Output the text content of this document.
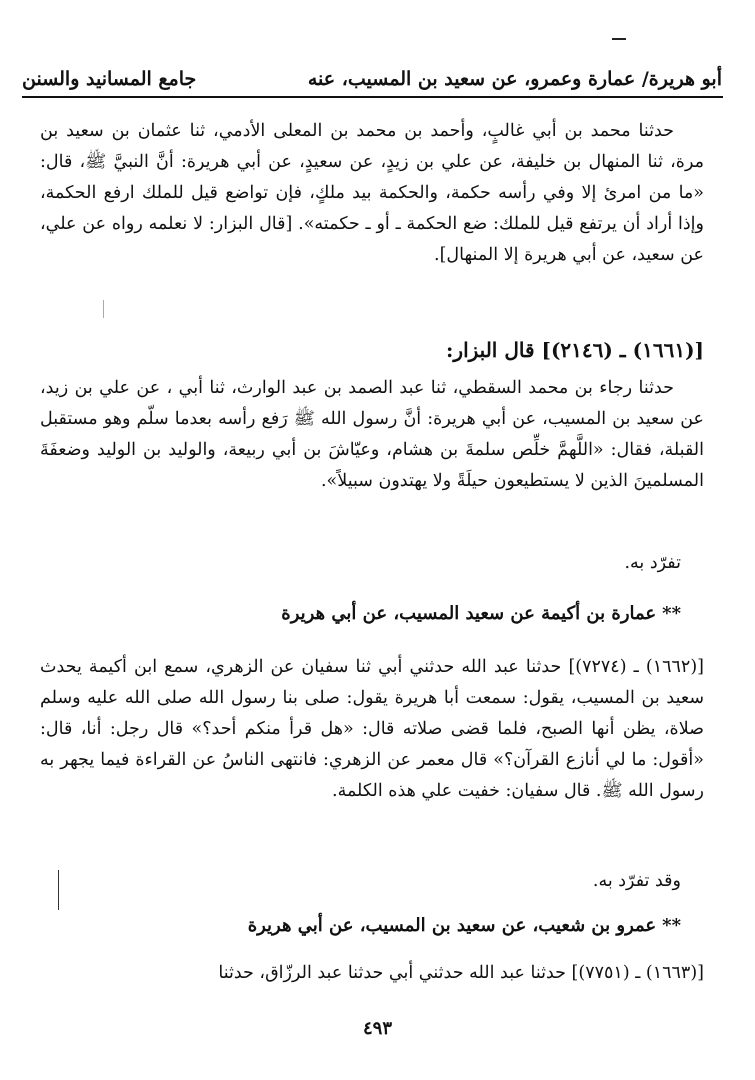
أبو هريرة/ عمارة وعمرو، عن سعيد بن المسيب، عنه
جامع المسانيد والسنن
حدثنا محمد بن أبي غالبٍ، وأحمد بن محمد بن المعلى الأدمي، ثنا عثمان بن سعيد بن مرة، ثنا المنهال بن خليفة، عن علي بن زيدٍ، عن سعيدٍ، عن أبي هريرة: أنَّ النبيَّ ﷺ، قال: «ما من امرئ إلا وفي رأسه حكمة، والحكمة بيد ملكٍ، فإن تواضع قيل للملك ارفع الحكمة، وإذا أراد أن يرتفع قيل للملك: ضع الحكمة ـ أو ـ حكمته». [قال البزار: لا نعلمه رواه عن علي، عن سعيد، عن أبي هريرة إلا المنهال].
[(١٦٦١) ـ (٢١٤٦)] قال البزار:
حدثنا رجاء بن محمد السقطي، ثنا عبد الصمد بن عبد الوارث، ثنا أبي ، عن علي بن زيد، عن سعيد بن المسيب، عن أبي هريرة: أنَّ رسول الله ﷺ رَفع رأسه بعدما سلّم وهو مستقبل القبلة، فقال: «اللَّهمَّ خلِّص سلمةَ بن هشام، وعيّاشَ بن أبي ربيعة، والوليد بن الوليد وضعفَةَ المسلمينَ الذين لا يستطيعون حيلَةً ولا يهتدون سبيلاً».
تفرّد به.
**عمارة بن أكيمة عن سعيد المسيب، عن أبي هريرة
[(١٦٦٢) ـ (٧٢٧٤)] حدثنا عبد الله حدثني أبي ثنا سفيان عن الزهري، سمع ابن أكيمة يحدث سعيد بن المسيب، يقول: سمعت أبا هريرة يقول: صلى بنا رسول الله صلى الله عليه وسلم صلاة، يظن أنها الصبح، فلما قضى صلاته قال: «هل قرأ منكم أحد؟» قال رجل: أنا، قال: «أقول: ما لي أنازع القرآن؟» قال معمر عن الزهري: فانتهى الناسُ عن القراءة فيما يجهر به رسول الله ﷺ. قال سفيان: خفيت علي هذه الكلمة.
وقد تفرّد به.
**عمرو بن شعيب، عن سعيد بن المسيب، عن أبي هريرة
[(١٦٦٣) ـ (٧٧٥١)] حدثنا عبد الله حدثني أبي حدثنا عبد الرزّاق، حدثنا
٤٩٣
